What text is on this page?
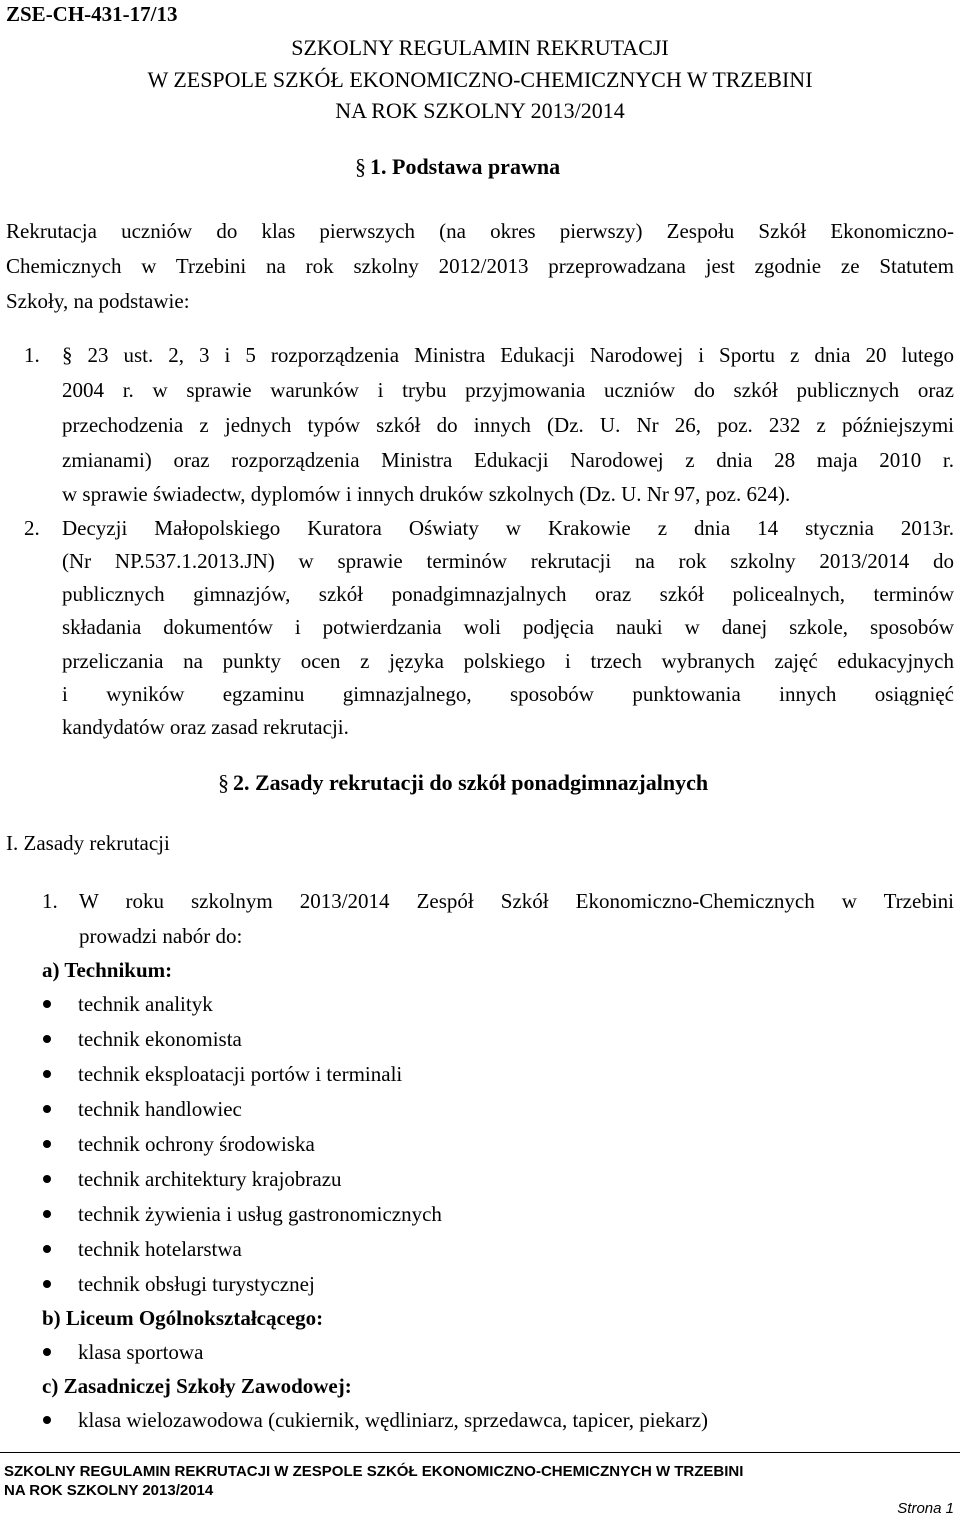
ZSE-CH-431-17/13
SZKOLNY REGULAMIN REKRUTACJI
W ZESPOLE SZKÓŁ EKONOMICZNO-CHEMICZNYCH W TRZEBINI
NA ROK SZKOLNY 2013/2014
§ 1. Podstawa prawna
Rekrutacja uczniów do klas pierwszych (na okres pierwszy) Zespołu Szkół Ekonomiczno-
Chemicznych w Trzebini na rok szkolny 2012/2013 przeprowadzana jest zgodnie ze Statutem
Szkoły, na podstawie:
1. § 23 ust. 2, 3 i 5 rozporządzenia Ministra Edukacji Narodowej i Sportu z dnia 20 lutego
2004 r. w sprawie warunków i trybu przyjmowania uczniów do szkół publicznych oraz
przechodzenia z jednych typów szkół do innych (Dz. U. Nr 26, poz. 232 z późniejszymi
zmianami) oraz rozporządzenia Ministra Edukacji Narodowej z dnia 28 maja 2010 r.
w sprawie świadectw, dyplomów i innych druków szkolnych (Dz. U. Nr 97, poz. 624).
2. Decyzji Małopolskiego Kuratora Oświaty w Krakowie z dnia 14 stycznia 2013r.
(Nr NP.537.1.2013.JN) w sprawie terminów rekrutacji na rok szkolny 2013/2014 do
publicznych gimnazjów, szkół ponadgimnazjalnych oraz szkół policealnych, terminów
składania dokumentów i potwierdzania woli podjęcia nauki w danej szkole, sposobów
przeliczania na punkty ocen z języka polskiego i trzech wybranych zajęć edukacyjnych
i wyników egzaminu gimnazjalnego, sposobów punktowania innych osiągnięć
kandydatów oraz zasad rekrutacji.
§ 2. Zasady rekrutacji do szkół ponadgimnazjalnych
I. Zasady rekrutacji
1. W roku szkolnym 2013/2014 Zespół Szkół Ekonomiczno-Chemicznych w Trzebini
prowadzi nabór do:
a) Technikum:
technik analityk
technik ekonomista
technik eksploatacji portów i terminali
technik handlowiec
technik ochrony środowiska
technik architektury krajobrazu
technik żywienia i usług gastronomicznych
technik hotelarstwa
technik obsługi turystycznej
b) Liceum Ogólnokształcącego:
klasa sportowa
c) Zasadniczej Szkoły Zawodowej:
klasa wielozawodowa (cukiernik, wędliniarz, sprzedawca, tapicer, piekarz)
SZKOLNY REGULAMIN REKRUTACJI W ZESPOLE SZKÓŁ EKONOMICZNO-CHEMICZNYCH W TRZEBINI
NA ROK SZKOLNY 2013/2014
Strona 1
